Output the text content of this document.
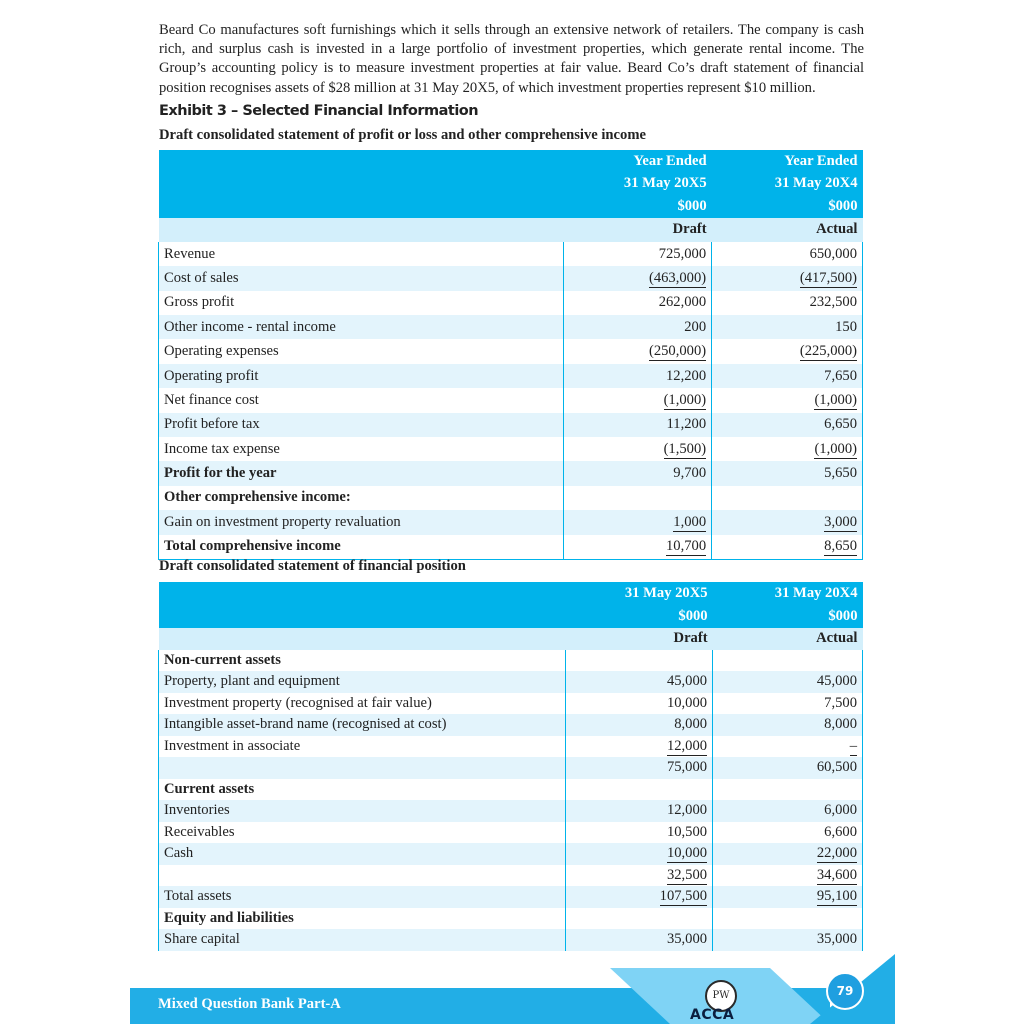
Beard Co manufactures soft furnishings which it sells through an extensive network of retailers. The company is cash rich, and surplus cash is invested in a large portfolio of investment properties, which generate rental income. The Group’s accounting policy is to measure investment properties at fair value. Beard Co’s draft statement of financial position recognises assets of $28 million at 31 May 20X5, of which investment properties represent $10 million.
Exhibit 3 – Selected Financial Information
Draft consolidated statement of profit or loss and other comprehensive income
	Year Ended	Year Ended
	31 May 20X5	31 May 20X4
	$000	$000
	Draft	Actual
Revenue	725,000	650,000
Cost of sales	(463,000)	(417,500)
Gross profit	262,000	232,500
Other income - rental income	200	150
Operating expenses	(250,000)	(225,000)
Operating profit	12,200	7,650
Net finance cost	(1,000)	(1,000)
Profit before tax	11,200	6,650
Income tax expense	(1,500)	(1,000)
Profit for the year	9,700	5,650
Other comprehensive income:		
Gain on investment property revaluation	1,000	3,000
Total comprehensive income	10,700	8,650
Draft consolidated statement of financial position
	31 May 20X5	31 May 20X4
	$000	$000
	Draft	Actual
Non-current assets		
Property, plant and equipment	45,000	45,000
Investment property (recognised at fair value)	10,000	7,500
Intangible asset-brand name (recognised at cost)	8,000	8,000
Investment in associate	12,000	–
	75,000	60,500
Current assets		
Inventories	12,000	6,000
Receivables	10,500	6,600
Cash	10,000	22,000
	32,500	34,600
Total assets	107,500	95,100
Equity and liabilities		
Share capital	35,000	35,000
Mixed Question Bank Part-A
PW
ACCA
79
